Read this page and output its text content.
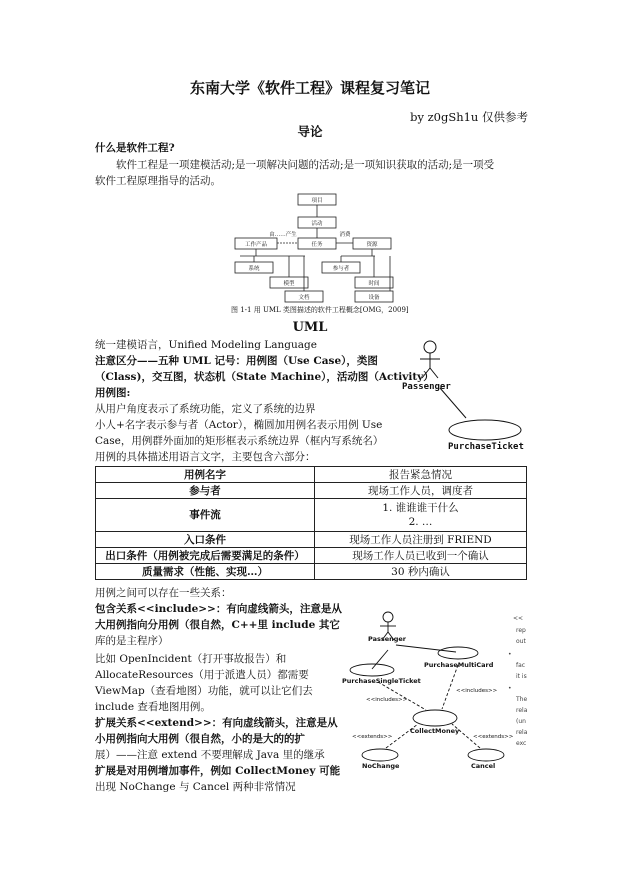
东南大学《软件工程》课程复习笔记
by z0gSh1u 仅供参考
导论
什么是软件工程?
软件工程是一项建模活动;是一项解决问题的活动;是一项知识获取的活动;是一项受
软件工程原理指导的活动。
项目
活动
任务
工作产品	资源
系统	参与者
模型	时间
文档	设备
由……产生	消费
图 1-1 用 UML 类图描述的软件工程概念[OMG，2009]
UML
统一建模语言，Unified Modeling Language
注意区分——五种 UML 记号：用例图（Use Case），类图
（Class)，交互图，状态机（State Machine），活动图（Activity）
用例图:
从用户角度表示了系统功能，定义了系统的边界
小人+名字表示参与者（Actor），椭圆加用例名表示用例 Use
Case，用例群外面加的矩形框表示系统边界（框内写系统名）
用例的具体描述用语言文字，主要包含六部分：
Passenger
PurchaseTicket
用例名字	报告紧急情况
参与者	现场工作人员，调度者
事件流	1. 谁谁谁干什么
2. …

入口条件	现场工作人员注册到 FRIEND
出口条件（用例被完成后需要满足的条件）	现场工作人员已收到一个确认
质量需求（性能、实现…）	30 秒内确认
用例之间可以存在一些关系：
包含关系<<include>>：有向虚线箭头，注意是从
大用例指向分用例（很自然，C++里 include 其它
库的是主程序）
比如 OpenIncident（打开事故报告）和
AllocateResources（用于派遣人员）都需要
ViewMap（查看地图）功能，就可以让它们去
include 查看地图用例。
扩展关系<<extend>>：有向虚线箭头，注意是从
小用例指向大用例（很自然，小的是大的的扩
展）——注意 extend 不要理解成 Java 里的继承
扩展是对用例增加事件，例如 CollectMoney 可能
出现 NoChange 与 Cancel 两种非常情况
Passenger
PurchaseMultiCard
PurchaseSingleTicket
CollectMoney
NoChange	Cancel
<<includes>>
<<includes>>
<<extends>>	<<extends>>
<<
rep
out
•
fac
it is
•
The
rela
(un
rela
exc
